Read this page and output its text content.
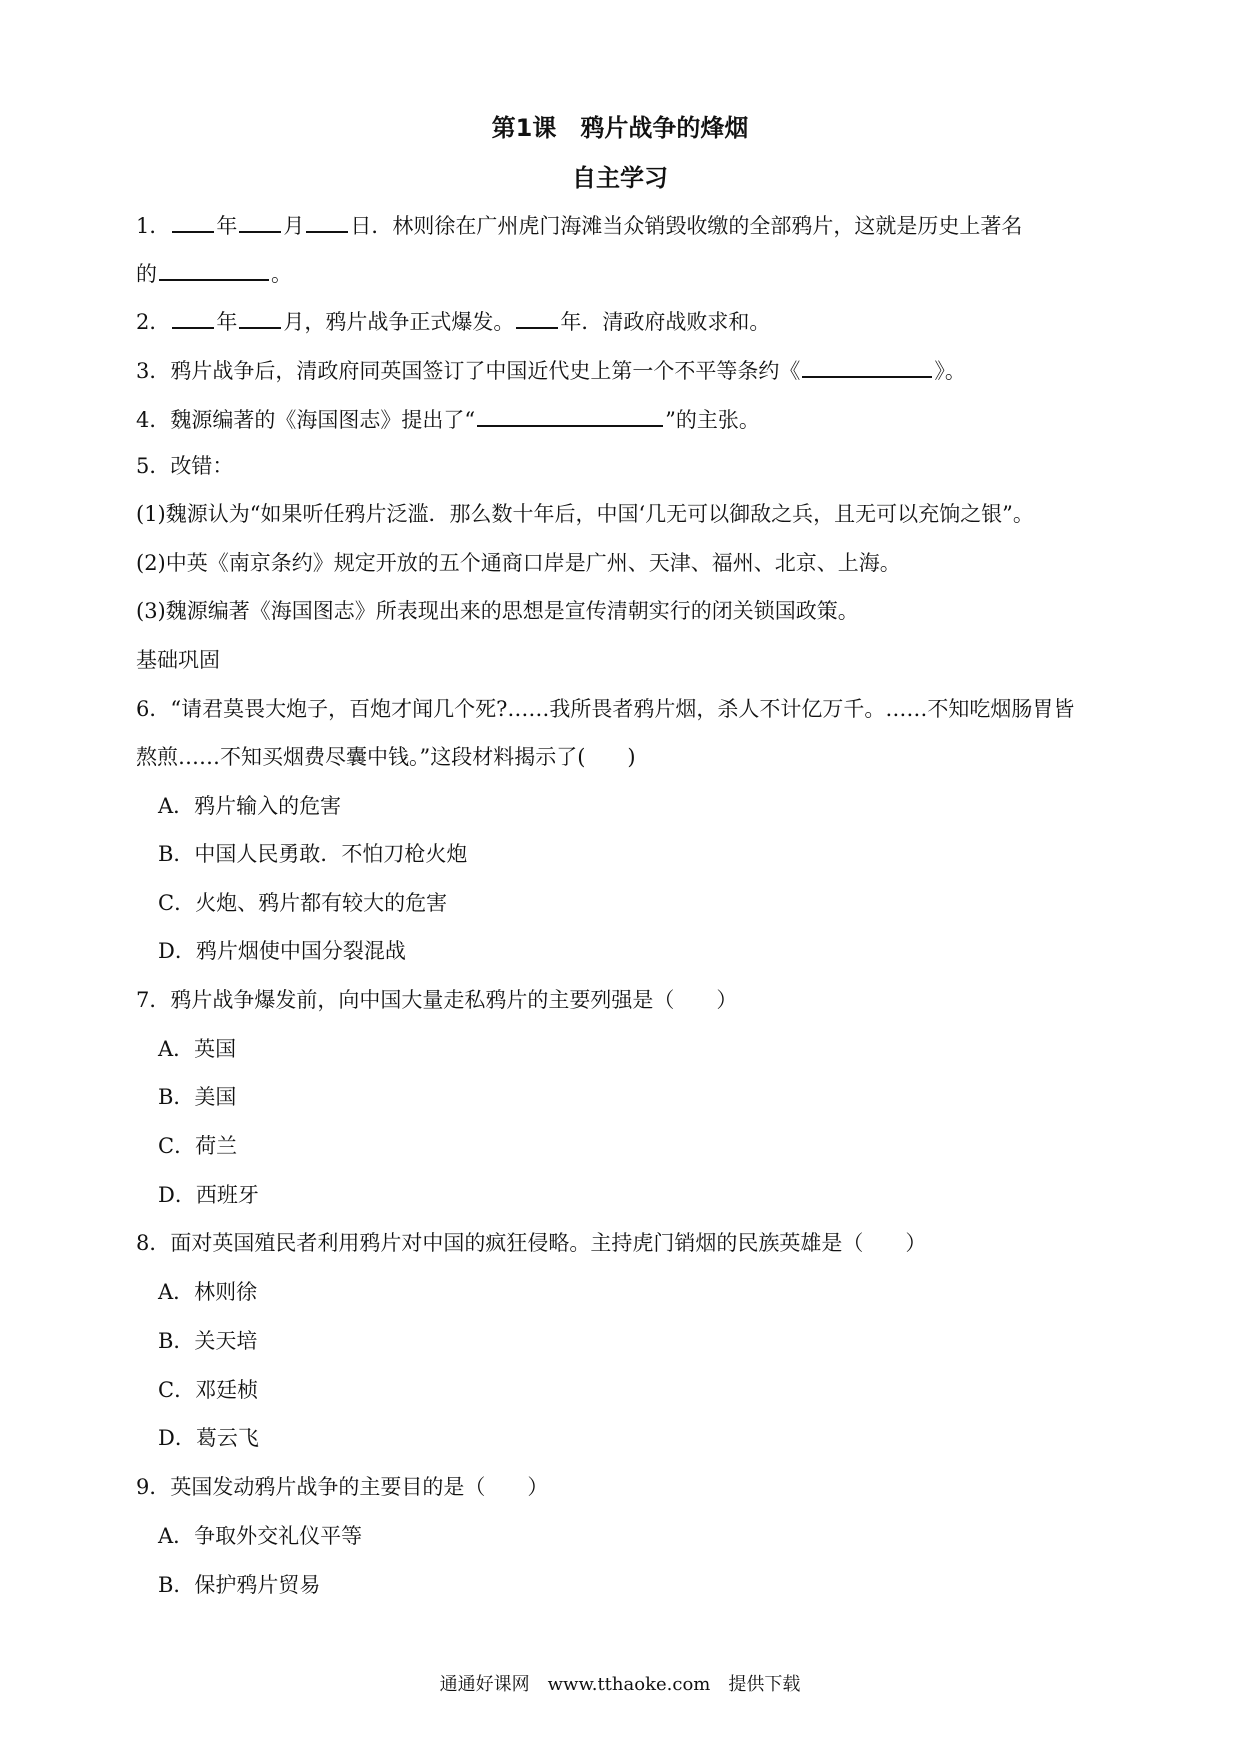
第1课　鸦片战争的烽烟
自主学习
1． 年 月 日．林则徐在广州虎门海滩当众销毁收缴的全部鸦片，这就是历史上著名
的	。
2． 年 月，鸦片战争正式爆发。 年．清政府战败求和。
3．鸦片战争后，清政府同英国签订了中国近代史上第一个不平等条约《	》。
4．魏源编著的《海国图志》提出了“	”的主张。
5．改错：
(1)魏源认为“如果听任鸦片泛滥．那么数十年后，中国‘几无可以御敌之兵，且无可以充饷之银”。
(2)中英《南京条约》规定开放的五个通商口岸是广州、天津、福州、北京、上海。
(3)魏源编著《海国图志》所表现出来的思想是宣传清朝实行的闭关锁国政策。
基础巩固
6．“请君莫畏大炮子，百炮才闻几个死?……我所畏者鸦片烟，杀人不计亿万千。……不知吃烟肠胃皆
熬煎……不知买烟费尽囊中钱。”这段材料揭示了(　　)
A．鸦片输入的危害
B．中国人民勇敢．不怕刀枪火炮
C．火炮、鸦片都有较大的危害
D．鸦片烟使中国分裂混战
7．鸦片战争爆发前，向中国大量走私鸦片的主要列强是（　　）
A．英国
B．美国
C．荷兰
D．西班牙
8．面对英国殖民者利用鸦片对中国的疯狂侵略。主持虎门销烟的民族英雄是（　　）
A．林则徐
B．关天培
C．邓廷桢
D．葛云飞
9．英国发动鸦片战争的主要目的是（　　）
A．争取外交礼仪平等
B．保护鸦片贸易
通通好课网　www.tthaoke.com　提供下载
